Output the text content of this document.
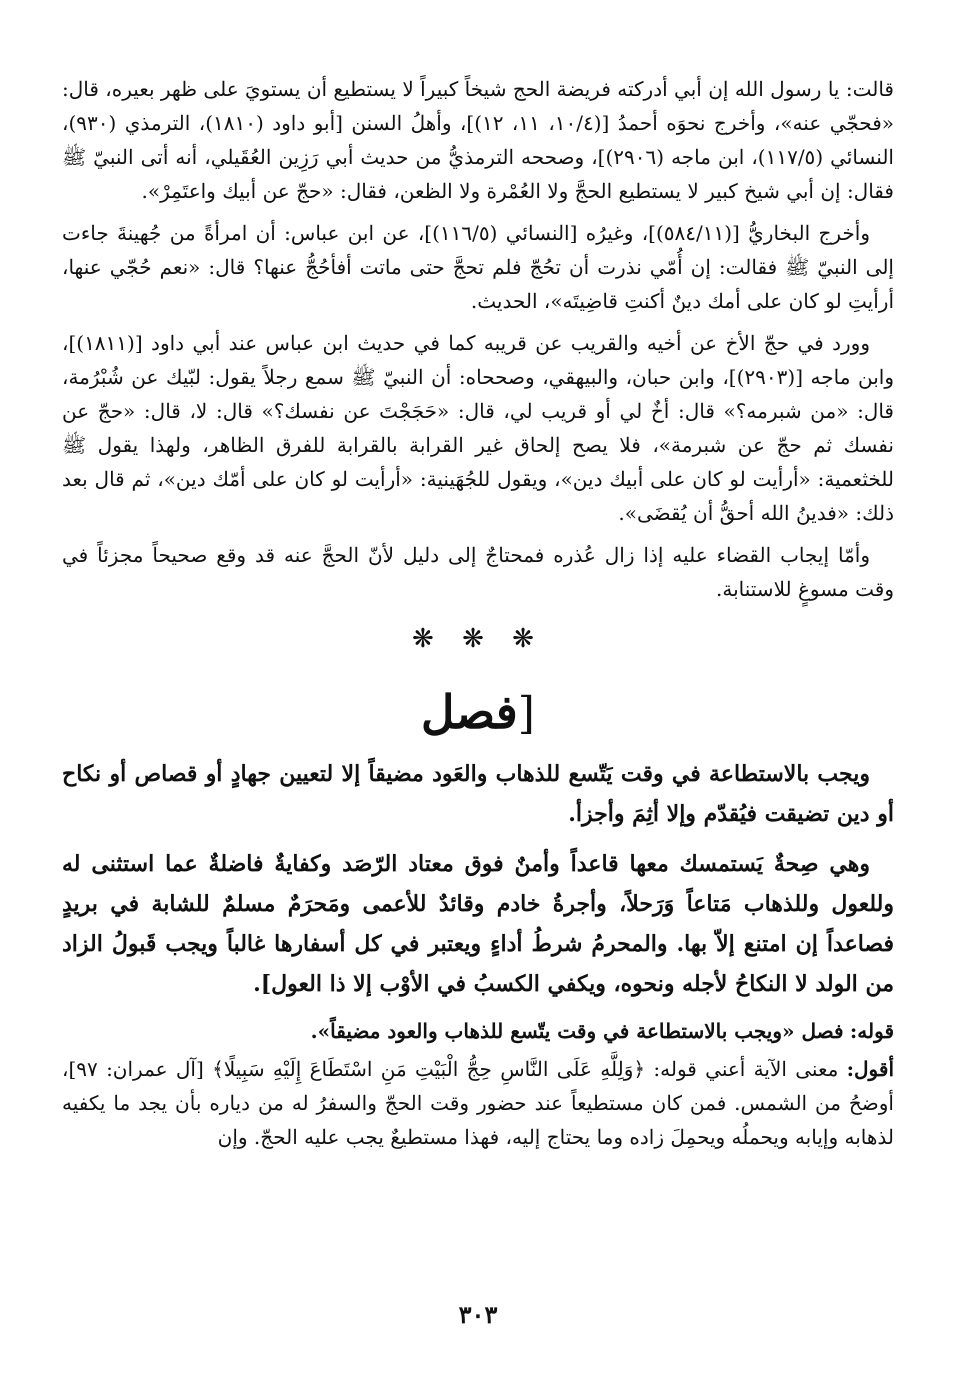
قالت: يا رسول الله إن أبي أدركته فريضة الحج شيخاً كبيراً لا يستطيع أن يستويَ على ظهر بعيره، قال: «فحجّي عنه»، وأخرج نحوَه أحمدُ [(١٠/٤، ١١، ١٢)]، وأهلُ السنن [أبو داود (١٨١٠)، الترمذي (٩٣٠)، النسائي (١١٧/٥)، ابن ماجه (٢٩٠٦)]، وصححه الترمذيُّ من حديث أبي رَزِين العُقَيلي، أنه أتى النبيّ ﷺ فقال: إن أبي شيخ كبير لا يستطيع الحجَّ ولا العُمْرة ولا الظعن، فقال: «حجّ عن أبيك واعتَمِرْ».

وأخرج البخاريُّ [(٥٨٤/١١)]، وغيرُه [النسائي (١١٦/٥)]، عن ابن عباس: أن امرأةً من جُهينةَ جاءت إلى النبيّ ﷺ فقالت: إن أُمّي نذرت أن تحُجّ فلم تحجَّ حتى ماتت أفأحُجُّ عنها؟ قال: «نعم حُجّي عنها، أرأيتِ لو كان على أمك دينٌ أكنتِ قاضِيتَه»، الحديث.

وورد في حجّ الأخ عن أخيه والقريب عن قريبه كما في حديث ابن عباس عند أبي داود [(١٨١١)]، وابن ماجه [(٢٩٠٣)]، وابن حبان، والبيهقي، وصححاه: أن النبيّ ﷺ سمع رجلاً يقول: لبّيك عن شُبْرُمة، قال: «من شبرمه؟» قال: أخٌ لي أو قريب لي، قال: «حَجَجْتَ عن نفسك؟» قال: لا، قال: «حجّ عن نفسك ثم حجّ عن شبرمة»، فلا يصح إلحاق غير القرابة بالقرابة للفرق الظاهر، ولهذا يقول ﷺ للخثعمية: «أرأيت لو كان على أبيك دين»، ويقول للجُهَينية: «أرأيت لو كان على أمّك دين»، ثم قال بعد ذلك: «فدينُ الله أحقُّ أن يُقضَى».

وأمّا إيجاب القضاء عليه إذا زال عُذره فمحتاجٌ إلى دليل لأنّ الحجَّ عنه قد وقع صحيحاً مجزئاً في وقت مسوغٍ للاستنابة.

❋ ❋ ❋
[فصل

ويجب بالاستطاعة في وقت يَتّسع للذهاب والعَود مضيقاً إلا لتعيين جهادٍ أو قصاص أو نكاح أو دين تضيقت فيُقدّم وإلا أثِمَ وأجزأ.

وهي صِحةٌ يَستمسك معها قاعداً وأمنٌ فوق معتاد الرّصَد وكفايةٌ فاضلةٌ عما استثنى له وللعول وللذهاب مَتاعاً وَرَحلاً، وأجرةُ خادم وقائدٌ للأعمى ومَحرَمٌ مسلمٌ للشابة في بريدٍ فصاعداً إن امتنع إلاّ بها. والمحرمُ شرطُ أداءٍ ويعتبر في كل أسفارها غالباً ويجب قَبولُ الزاد من الولد لا النكاحُ لأجله ونحوه، ويكفي الكسبُ في الأوْب إلا ذا العول].

قوله: فصل «ويجب بالاستطاعة في وقت يتّسع للذهاب والعود مضيقاً».

أقول: معنى الآية أعني قوله: ﴿وَلِلَّهِ عَلَى النَّاسِ حِجُّ الْبَيْتِ مَنِ اسْتَطَاعَ إِلَيْهِ سَبِيلًا﴾ [آل عمران: ٩٧]، أوضحُ من الشمس. فمن كان مستطيعاً عند حضور وقت الحجّ والسفرُ له من دياره بأن يجد ما يكفيه لذهابه وإيابه ويحملُه ويحمِلَ زاده وما يحتاج إليه، فهذا مستطيعٌ يجب عليه الحجّ. وإن

٣٠٣
